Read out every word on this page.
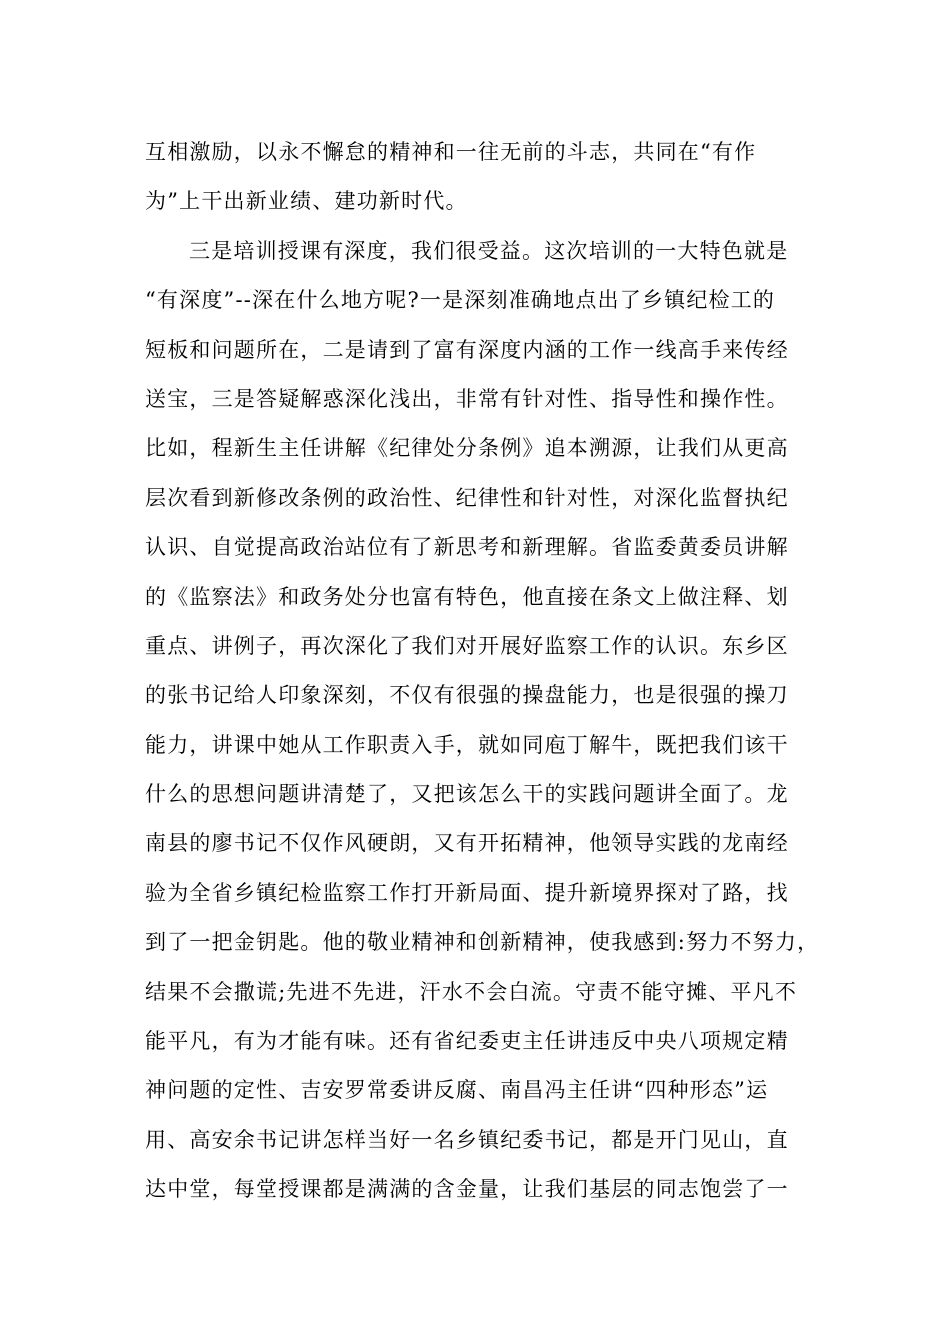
互相激励，以永不懈怠的精神和一往无前的斗志，共同在“有作
为”上干出新业绩、建功新时代。
三是培训授课有深度，我们很受益。这次培训的一大特色就是
“有深度”--深在什么地方呢?一是深刻准确地点出了乡镇纪检工的
短板和问题所在，二是请到了富有深度内涵的工作一线高手来传经
送宝，三是答疑解惑深化浅出，非常有针对性、指导性和操作性。
比如，程新生主任讲解《纪律处分条例》追本溯源，让我们从更高
层次看到新修改条例的政治性、纪律性和针对性，对深化监督执纪
认识、自觉提高政治站位有了新思考和新理解。省监委黄委员讲解
的《监察法》和政务处分也富有特色，他直接在条文上做注释、划
重点、讲例子，再次深化了我们对开展好监察工作的认识。东乡区
的张书记给人印象深刻，不仅有很强的操盘能力，也是很强的操刀
能力，讲课中她从工作职责入手，就如同庖丁解牛，既把我们该干
什么的思想问题讲清楚了，又把该怎么干的实践问题讲全面了。龙
南县的廖书记不仅作风硬朗，又有开拓精神，他领导实践的龙南经
验为全省乡镇纪检监察工作打开新局面、提升新境界探对了路，找
到了一把金钥匙。他的敬业精神和创新精神，使我感到:努力不努力，
结果不会撒谎;先进不先进，汗水不会白流。守责不能守摊、平凡不
能平凡，有为才能有味。还有省纪委吏主任讲违反中央八项规定精
神问题的定性、吉安罗常委讲反腐、南昌冯主任讲“四种形态”运
用、高安余书记讲怎样当好一名乡镇纪委书记，都是开门见山，直
达中堂，每堂授课都是满满的含金量，让我们基层的同志饱尝了一
